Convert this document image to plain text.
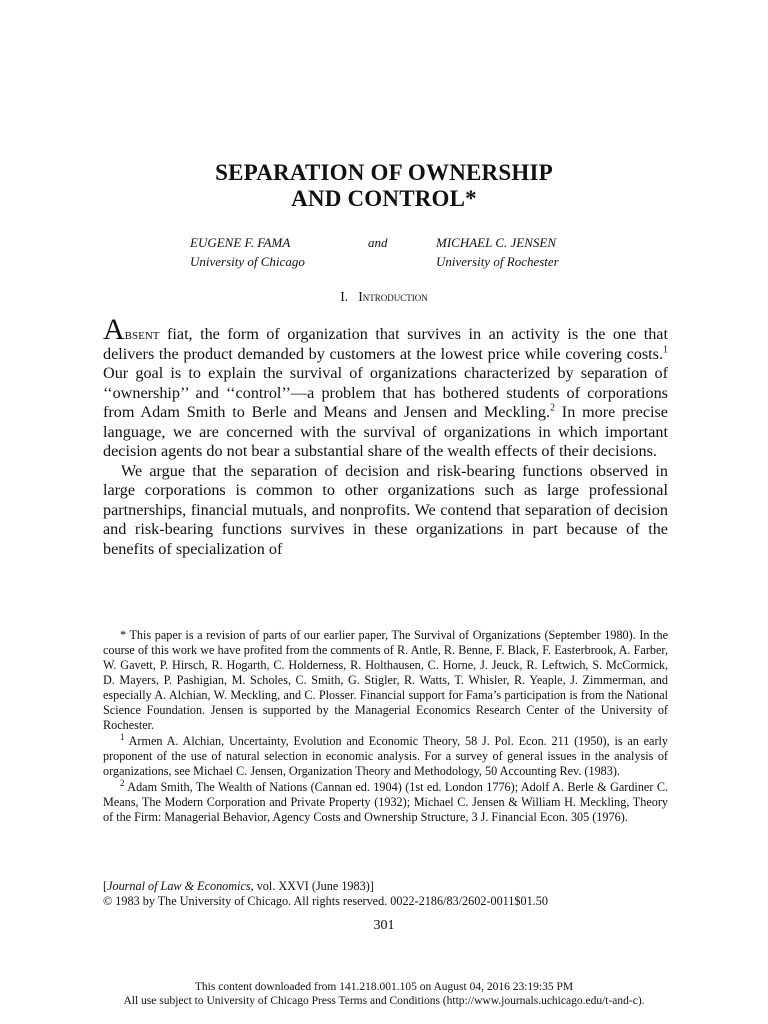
SEPARATION OF OWNERSHIP
AND CONTROL*
EUGENE F. FAMA
University of Chicago
and	MICHAEL C. JENSEN
University of Rochester
I. Introduction

Absent fiat, the form of organization that survives in an activity is the one that delivers the product demanded by customers at the lowest price while covering costs.$^1$ Our goal is to explain the survival of organizations characterized by separation of ‘‘ownership’’ and ‘‘control’’—a problem that has bothered students of corporations from Adam Smith to Berle and Means and Jensen and Meckling.$^2$ In more precise language, we are concerned with the survival of organizations in which important decision agents do not bear a substantial share of the wealth effects of their decisions.

We argue that the separation of decision and risk-bearing functions observed in large corporations is common to other organizations such as large professional partnerships, financial mutuals, and nonprofits. We contend that separation of decision and risk-bearing functions survives in these organizations in part because of the benefits of specialization of

* This paper is a revision of parts of our earlier paper, The Survival of Organizations (September 1980). In the course of this work we have profited from the comments of R. Antle, R. Benne, F. Black, F. Easterbrook, A. Farber, W. Gavett, P. Hirsch, R. Hogarth, C. Holderness, R. Holthausen, C. Horne, J. Jeuck, R. Leftwich, S. McCormick, D. Mayers, P. Pashigian, M. Scholes, C. Smith, G. Stigler, R. Watts, T. Whisler, R. Yeaple, J. Zimmerman, and especially A. Alchian, W. Meckling, and C. Plosser. Financial support for Fama’s participation is from the National Science Foundation. Jensen is supported by the Managerial Economics Research Center of the University of Rochester.

$^1$ Armen A. Alchian, Uncertainty, Evolution and Economic Theory, 58 J. Pol. Econ. 211 (1950), is an early proponent of the use of natural selection in economic analysis. For a survey of general issues in the analysis of organizations, see Michael C. Jensen, Organization Theory and Methodology, 50 Accounting Rev. (1983).

$^2$ Adam Smith, The Wealth of Nations (Cannan ed. 1904) (1st ed. London 1776); Adolf A. Berle & Gardiner C. Means, The Modern Corporation and Private Property (1932); Michael C. Jensen & William H. Meckling, Theory of the Firm: Managerial Behavior, Agency Costs and Ownership Structure, 3 J. Financial Econ. 305 (1976).

[Journal of Law & Economics, vol. XXVI (June 1983)]
© 1983 by The University of Chicago. All rights reserved. 0022-2186/83/2602-0011$01.50
301
This content downloaded from 141.218.001.105 on August 04, 2016 23:19:35 PM
All use subject to University of Chicago Press Terms and Conditions (http://www.journals.uchicago.edu/t-and-c).
